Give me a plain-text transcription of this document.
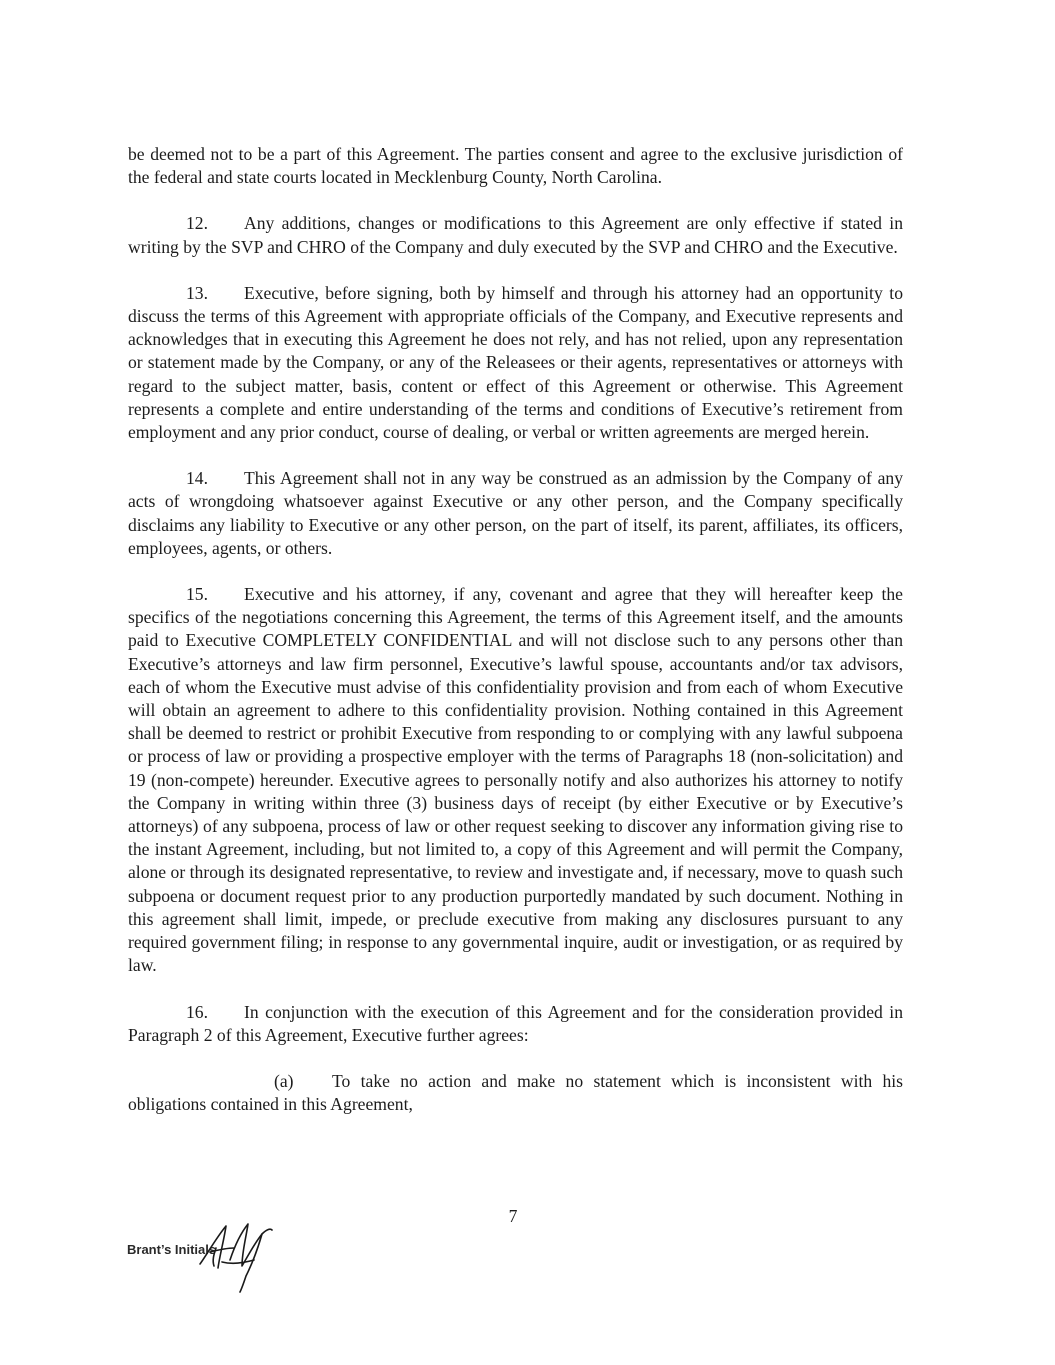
be deemed not to be a part of this Agreement. The parties consent and agree to the exclusive jurisdiction of the federal and state courts located in Mecklenburg County, North Carolina.

12. Any additions, changes or modifications to this Agreement are only effective if stated in writing by the SVP and CHRO of the Company and duly executed by the SVP and CHRO and the Executive.

13. Executive, before signing, both by himself and through his attorney had an opportunity to discuss the terms of this Agreement with appropriate officials of the Company, and Executive represents and acknowledges that in executing this Agreement he does not rely, and has not relied, upon any representation or statement made by the Company, or any of the Releasees or their agents, representatives or attorneys with regard to the subject matter, basis, content or effect of this Agreement or otherwise. This Agreement represents a complete and entire understanding of the terms and conditions of Executive’s retirement from employment and any prior conduct, course of dealing, or verbal or written agreements are merged herein.

14. This Agreement shall not in any way be construed as an admission by the Company of any acts of wrongdoing whatsoever against Executive or any other person, and the Company specifically disclaims any liability to Executive or any other person, on the part of itself, its parent, affiliates, its officers, employees, agents, or others.

15. Executive and his attorney, if any, covenant and agree that they will hereafter keep the specifics of the negotiations concerning this Agreement, the terms of this Agreement itself, and the amounts paid to Executive COMPLETELY CONFIDENTIAL and will not disclose such to any persons other than Executive’s attorneys and law firm personnel, Executive’s lawful spouse, accountants and/or tax advisors, each of whom the Executive must advise of this confidentiality provision and from each of whom Executive will obtain an agreement to adhere to this confidentiality provision. Nothing contained in this Agreement shall be deemed to restrict or prohibit Executive from responding to or complying with any lawful subpoena or process of law or providing a prospective employer with the terms of Paragraphs 18 (non-solicitation) and 19 (non-compete) hereunder. Executive agrees to personally notify and also authorizes his attorney to notify the Company in writing within three (3) business days of receipt (by either Executive or by Executive’s attorneys) of any subpoena, process of law or other request seeking to discover any information giving rise to the instant Agreement, including, but not limited to, a copy of this Agreement and will permit the Company, alone or through its designated representative, to review and investigate and, if necessary, move to quash such subpoena or document request prior to any production purportedly mandated by such document. Nothing in this agreement shall limit, impede, or preclude executive from making any disclosures pursuant to any required government filing; in response to any governmental inquire, audit or investigation, or as required by law.

16. In conjunction with the execution of this Agreement and for the consideration provided in Paragraph 2 of this Agreement, Executive further agrees:

(a) To take no action and make no statement which is inconsistent with his obligations contained in this Agreement,

7
Brant’s Initials
